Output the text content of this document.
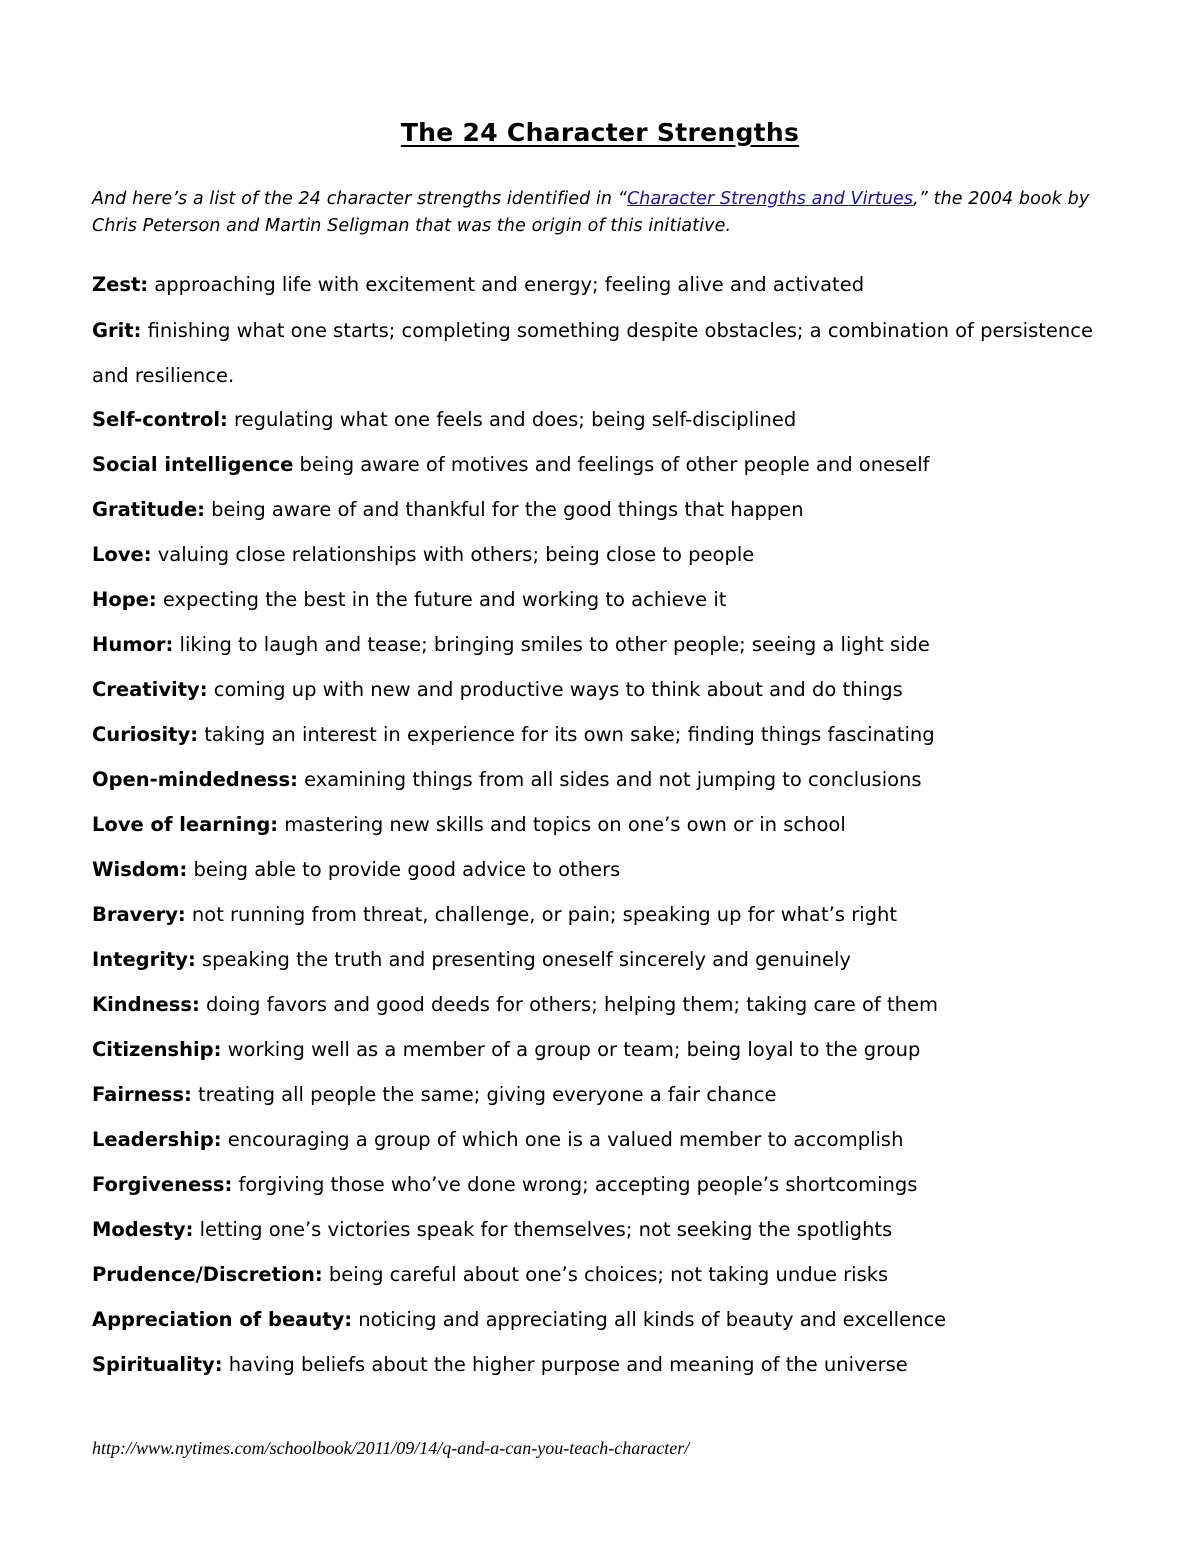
The 24 Character Strengths
And here’s a list of the 24 character strengths identified in “Character Strengths and Virtues,” the 2004 book by Chris Peterson and Martin Seligman that was the origin of this initiative.
Zest: approaching life with excitement and energy; feeling alive and activated
Grit: finishing what one starts; completing something despite obstacles; a combination of persistence and resilience.
Self-control: regulating what one feels and does; being self-disciplined
Social intelligence being aware of motives and feelings of other people and oneself
Gratitude: being aware of and thankful for the good things that happen
Love: valuing close relationships with others; being close to people
Hope: expecting the best in the future and working to achieve it
Humor: liking to laugh and tease; bringing smiles to other people; seeing a light side
Creativity: coming up with new and productive ways to think about and do things
Curiosity: taking an interest in experience for its own sake; finding things fascinating
Open-mindedness: examining things from all sides and not jumping to conclusions
Love of learning: mastering new skills and topics on one’s own or in school
Wisdom: being able to provide good advice to others
Bravery: not running from threat, challenge, or pain; speaking up for what’s right
Integrity: speaking the truth and presenting oneself sincerely and genuinely
Kindness: doing favors and good deeds for others; helping them; taking care of them
Citizenship: working well as a member of a group or team; being loyal to the group
Fairness: treating all people the same; giving everyone a fair chance
Leadership: encouraging a group of which one is a valued member to accomplish
Forgiveness: forgiving those who’ve done wrong; accepting people’s shortcomings
Modesty: letting one’s victories speak for themselves; not seeking the spotlights
Prudence/Discretion: being careful about one’s choices; not taking undue risks
Appreciation of beauty: noticing and appreciating all kinds of beauty and excellence
Spirituality: having beliefs about the higher purpose and meaning of the universe
http://www.nytimes.com/schoolbook/2011/09/14/q-and-a-can-you-teach-character/
